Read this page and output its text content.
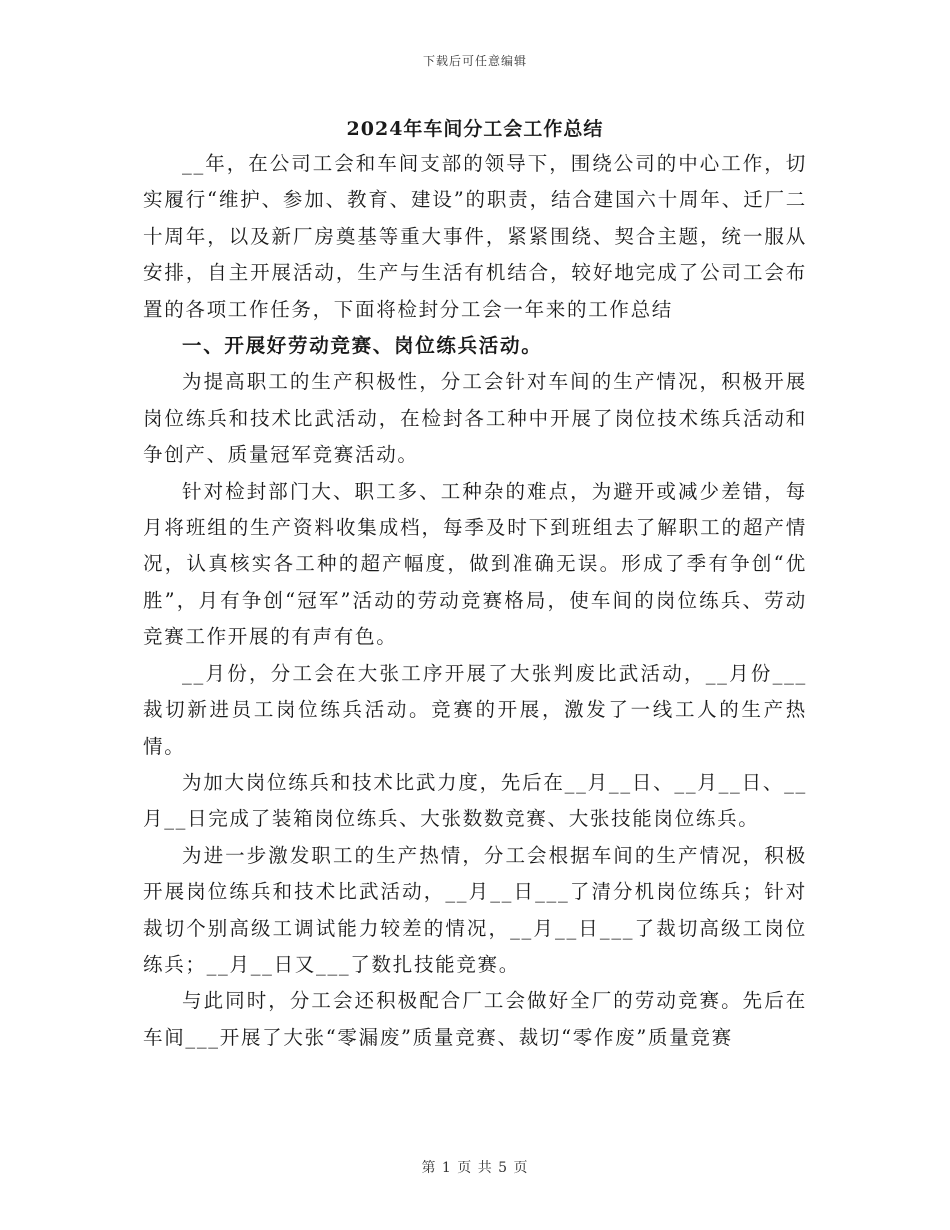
下载后可任意编辑
2024年车间分工会工作总结

__年，在公司工会和车间支部的领导下，围绕公司的中心工作，切实履行“维护、参加、教育、建设”的职责，结合建国六十周年、迁厂二十周年，以及新厂房奠基等重大事件，紧紧围绕、契合主题，统一服从安排，自主开展活动，生产与生活有机结合，较好地完成了公司工会布置的各项工作任务，下面将检封分工会一年来的工作总结

一、开展好劳动竞赛、岗位练兵活动。

为提高职工的生产积极性，分工会针对车间的生产情况，积极开展岗位练兵和技术比武活动，在检封各工种中开展了岗位技术练兵活动和争创产、质量冠军竞赛活动。

针对检封部门大、职工多、工种杂的难点，为避开或减少差错，每月将班组的生产资料收集成档，每季及时下到班组去了解职工的超产情况，认真核实各工种的超产幅度，做到准确无误。形成了季有争创“优胜”，月有争创“冠军”活动的劳动竞赛格局，使车间的岗位练兵、劳动竞赛工作开展的有声有色。

__月份，分工会在大张工序开展了大张判废比武活动，__月份___裁切新进员工岗位练兵活动。竞赛的开展，激发了一线工人的生产热情。

为加大岗位练兵和技术比武力度，先后在__月__日、__月__日、__月__日完成了装箱岗位练兵、大张数数竞赛、大张技能岗位练兵。

为进一步激发职工的生产热情，分工会根据车间的生产情况，积极开展岗位练兵和技术比武活动，__月__日___了清分机岗位练兵；针对裁切个别高级工调试能力较差的情况，__月__日___了裁切高级工岗位练兵；__月__日又___了数扎技能竞赛。

与此同时，分工会还积极配合厂工会做好全厂的劳动竞赛。先后在车间___开展了大张“零漏废”质量竞赛、裁切“零作废”质量竞赛

第 1 页 共 5 页
